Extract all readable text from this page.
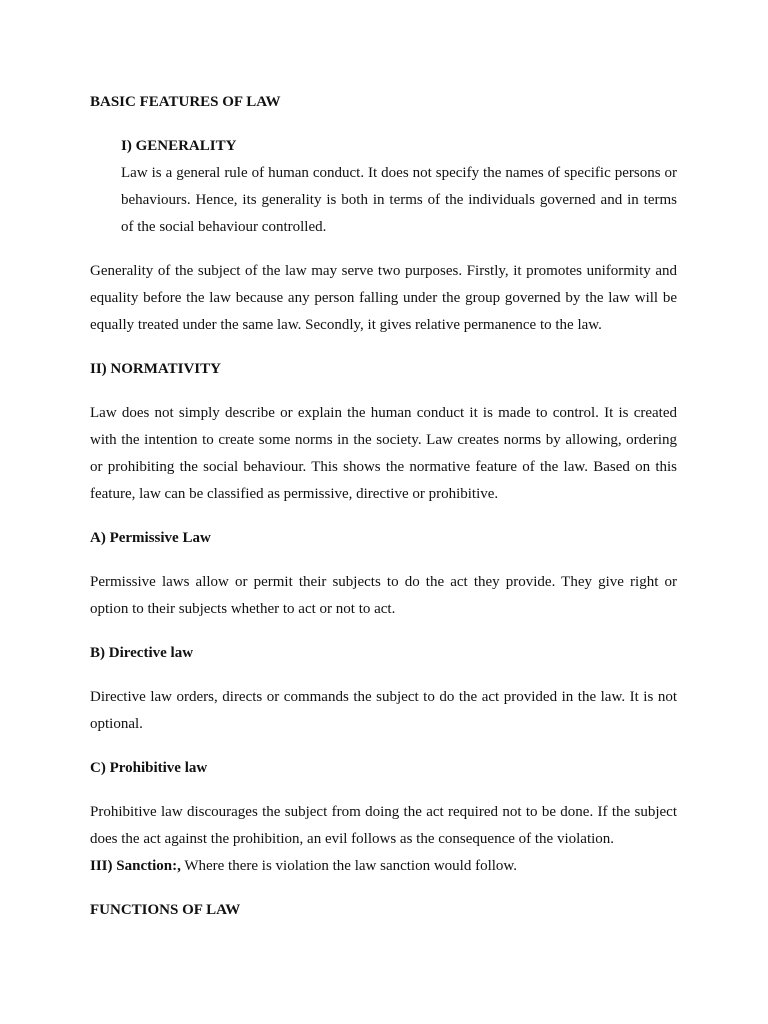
BASIC FEATURES OF LAW

I) GENERALITY

Law is a general rule of human conduct. It does not specify the names of specific persons or behaviours. Hence, its generality is both in terms of the individuals governed and in terms of the social behaviour controlled.

Generality of the subject of the law may serve two purposes. Firstly, it promotes uniformity and equality before the law because any person falling under the group governed by the law will be equally treated under the same law. Secondly, it gives relative permanence to the law.

II) NORMATIVITY

Law does not simply describe or explain the human conduct it is made to control. It is created with the intention to create some norms in the society. Law creates norms by allowing, ordering or prohibiting the social behaviour. This shows the normative feature of the law. Based on this feature, law can be classified as permissive, directive or prohibitive.

A) Permissive Law

Permissive laws allow or permit their subjects to do the act they provide. They give right or option to their subjects whether to act or not to act.

B) Directive law

Directive law orders, directs or commands the subject to do the act provided in the law. It is not optional.

C) Prohibitive law

Prohibitive law discourages the subject from doing the act required not to be done. If the subject does the act against the prohibition, an evil follows as the consequence of the violation.

III) Sanction:, Where there is violation the law sanction would follow.

FUNCTIONS OF LAW
